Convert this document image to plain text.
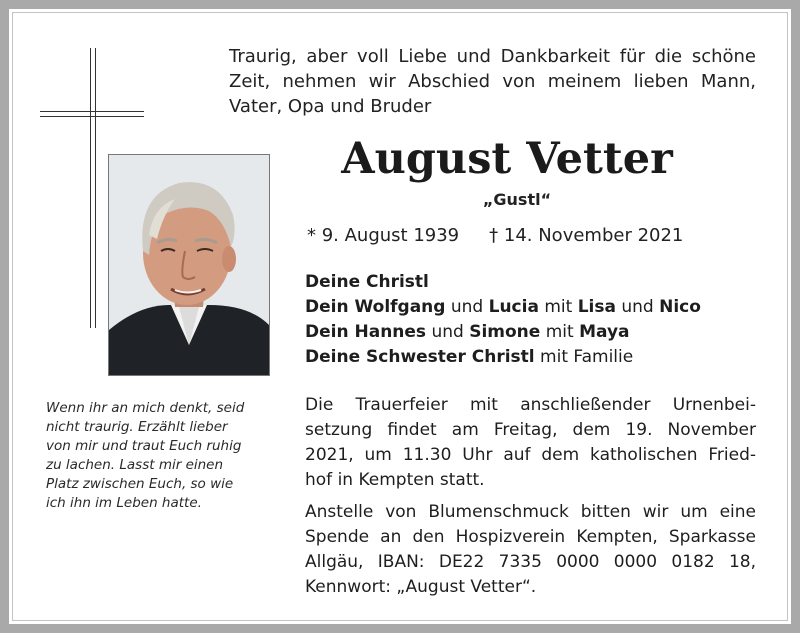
Traurig, aber voll Liebe und Dankbarkeit für die schöne
Zeit, nehmen wir Abschied von meinem lieben Mann,
Vater, Opa und Bruder
August Vetter
„Gustl“
* 9. August 1939 † 14. November 2021
Deine Christl
Dein Wolfgang und Lucia mit Lisa und Nico
Dein Hannes und Simone mit Maya
Deine Schwester Christl mit Familie
Die Trauerfeier mit anschließender Urnenbei-
setzung findet am Freitag, dem 19. November
2021, um 11.30 Uhr auf dem katholischen Fried-
hof in Kempten statt.
Anstelle von Blumenschmuck bitten wir um eine
Spende an den Hospizverein Kempten, Sparkasse
Allgäu, IBAN: DE22 7335 0000 0000 0182 18,
Kennwort: „August Vetter“.
Wenn ihr an mich denkt, seid
nicht traurig. Erzählt lieber
von mir und traut Euch ruhig
zu lachen. Lasst mir einen
Platz zwischen Euch, so wie
ich ihn im Leben hatte.
